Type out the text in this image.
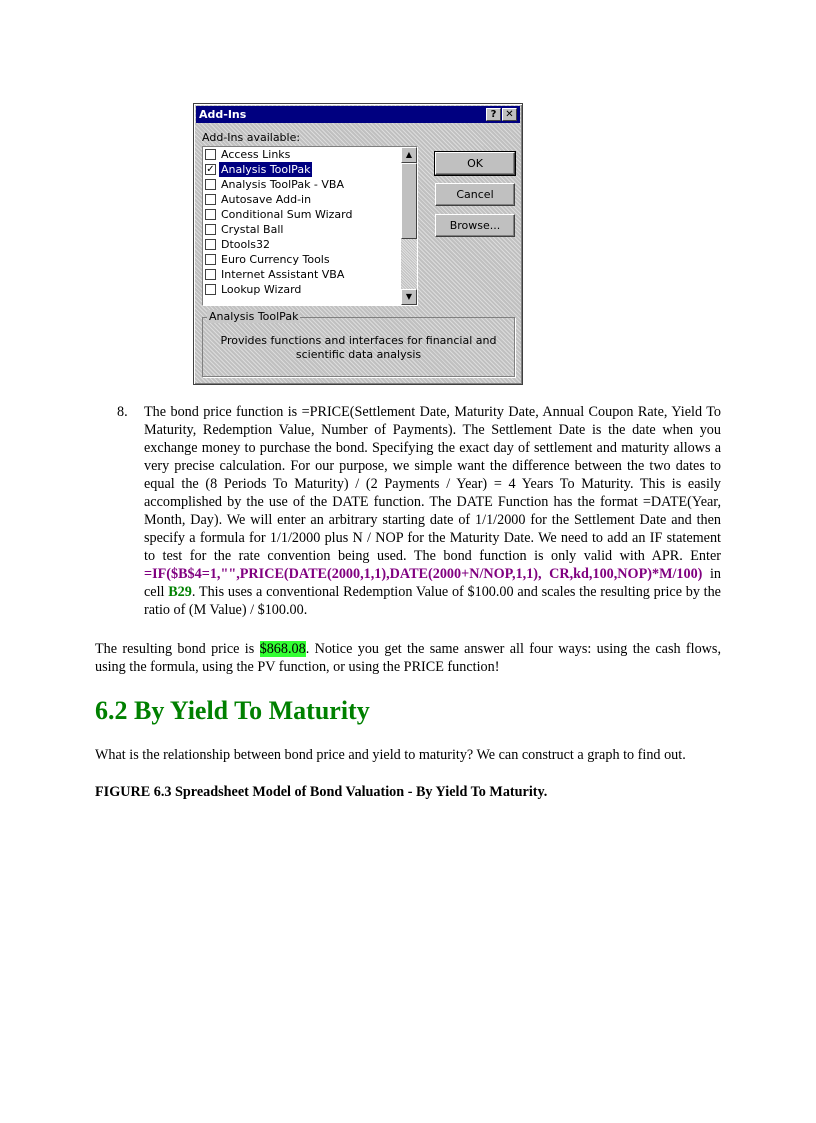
Add-Ins	? ✕
Add-Ins available:
Access Links
✓ Analysis ToolPak
Analysis ToolPak - VBA
Autosave Add-in
Conditional Sum Wizard
Crystal Ball
Dtools32
Euro Currency Tools
Internet Assistant VBA
Lookup Wizard
▲
▼
OK
Cancel
Browse...
Analysis ToolPak
Provides functions and interfaces for financial and scientific data analysis
8. The bond price function is =PRICE(Settlement Date, Maturity Date, Annual Coupon Rate, Yield To Maturity, Redemption Value, Number of Payments). The Settlement Date is the date when you exchange money to purchase the bond. Specifying the exact day of settlement and maturity allows a very precise calculation. For our purpose, we simple want the difference between the two dates to equal the (8 Periods To Maturity) / (2 Payments / Year) = 4 Years To Maturity. This is easily accomplished by the use of the DATE function. The DATE Function has the format =DATE(Year, Month, Day). We will enter an arbitrary starting date of 1/1/2000 for the Settlement Date and then specify a formula for 1/1/2000 plus N / NOP for the Maturity Date. We need to add an IF statement to test for the rate convention being used. The bond function is only valid with APR. Enter =IF($B$4=1,"",PRICE(DATE(2000,1,1),DATE(2000+N/NOP,1,1), CR,kd,100,NOP)*M/100) in cell B29. This uses a conventional Redemption Value of $100.00 and scales the resulting price by the ratio of (M Value) / $100.00.
The resulting bond price is $868.08. Notice you get the same answer all four ways: using the cash flows, using the formula, using the PV function, or using the PRICE function!
6.2 By Yield To Maturity
What is the relationship between bond price and yield to maturity? We can construct a graph to find out.
FIGURE 6.3 Spreadsheet Model of Bond Valuation - By Yield To Maturity.
